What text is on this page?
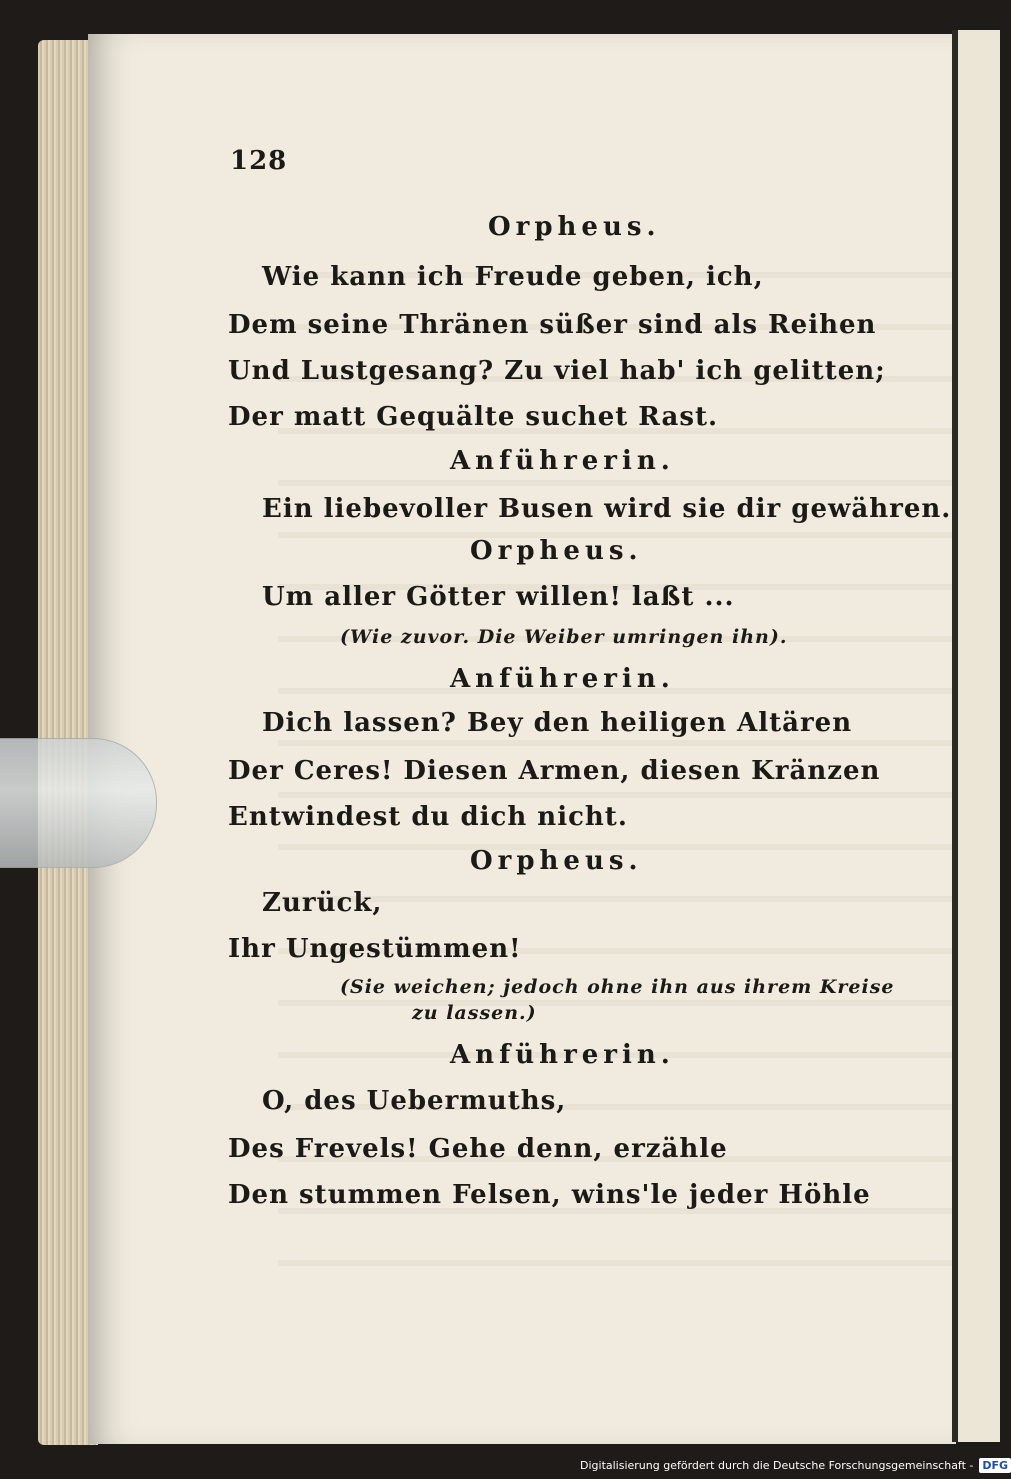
128
Orpheus.
Wie kann ich Freude geben, ich,
Dem seine Thränen süßer sind als Reihen
Und Lustgesang? Zu viel hab' ich gelitten;
Der matt Gequälte suchet Rast.
Anführerin.
Ein liebevoller Busen wird sie dir gewähren.
Orpheus.
Um aller Götter willen! laßt ...
(Wie zuvor. Die Weiber umringen ihn).
Anführerin.
Dich lassen? Bey den heiligen Altären
Der Ceres! Diesen Armen, diesen Kränzen
Entwindest du dich nicht.
Orpheus.
Zurück,
Ihr Ungestümmen!
(Sie weichen; jedoch ohne ihn aus ihrem Kreise
zu lassen.)
Anführerin.
O, des Uebermuths,
Des Frevels! Gehe denn, erzähle
Den stummen Felsen, wins'le jeder Höhle
Digitalisierung gefördert durch die Deutsche Forschungsgemeinschaft - DFG
